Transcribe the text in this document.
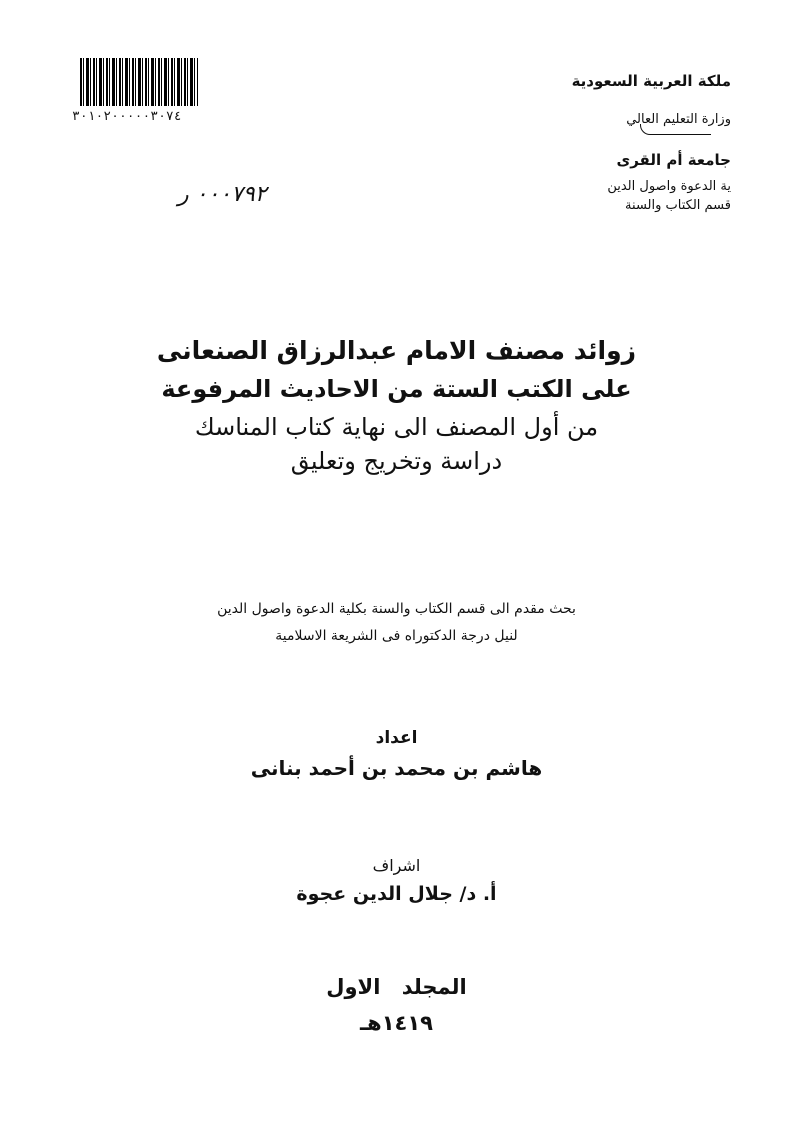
٣٠١٠٢٠٠٠٠٠٣٠٧٤
٠٠٠٧٩٢ ر
ملكة العربية السعودية
وزارة التعليم العالي
جامعة أم القرى
ية الدعوة واصول الدين
قسم الكتاب والسنة
زوائد مصنف الامام عبدالرزاق الصنعانى
على الكتب الستة من الاحاديث المرفوعة
من أول المصنف الى نهاية كتاب المناسك
دراسة وتخريج وتعليق
بحث مقدم الى قسم الكتاب والسنة بكلية الدعوة واصول الدين
لنيل درجة الدكتوراه فى الشريعة الاسلامية
اعداد
هاشم بن محمد بن أحمد بنانى
اشراف
أ. د/ جلال الدين عجوة
المجلد الاول
١٤١٩هـ
